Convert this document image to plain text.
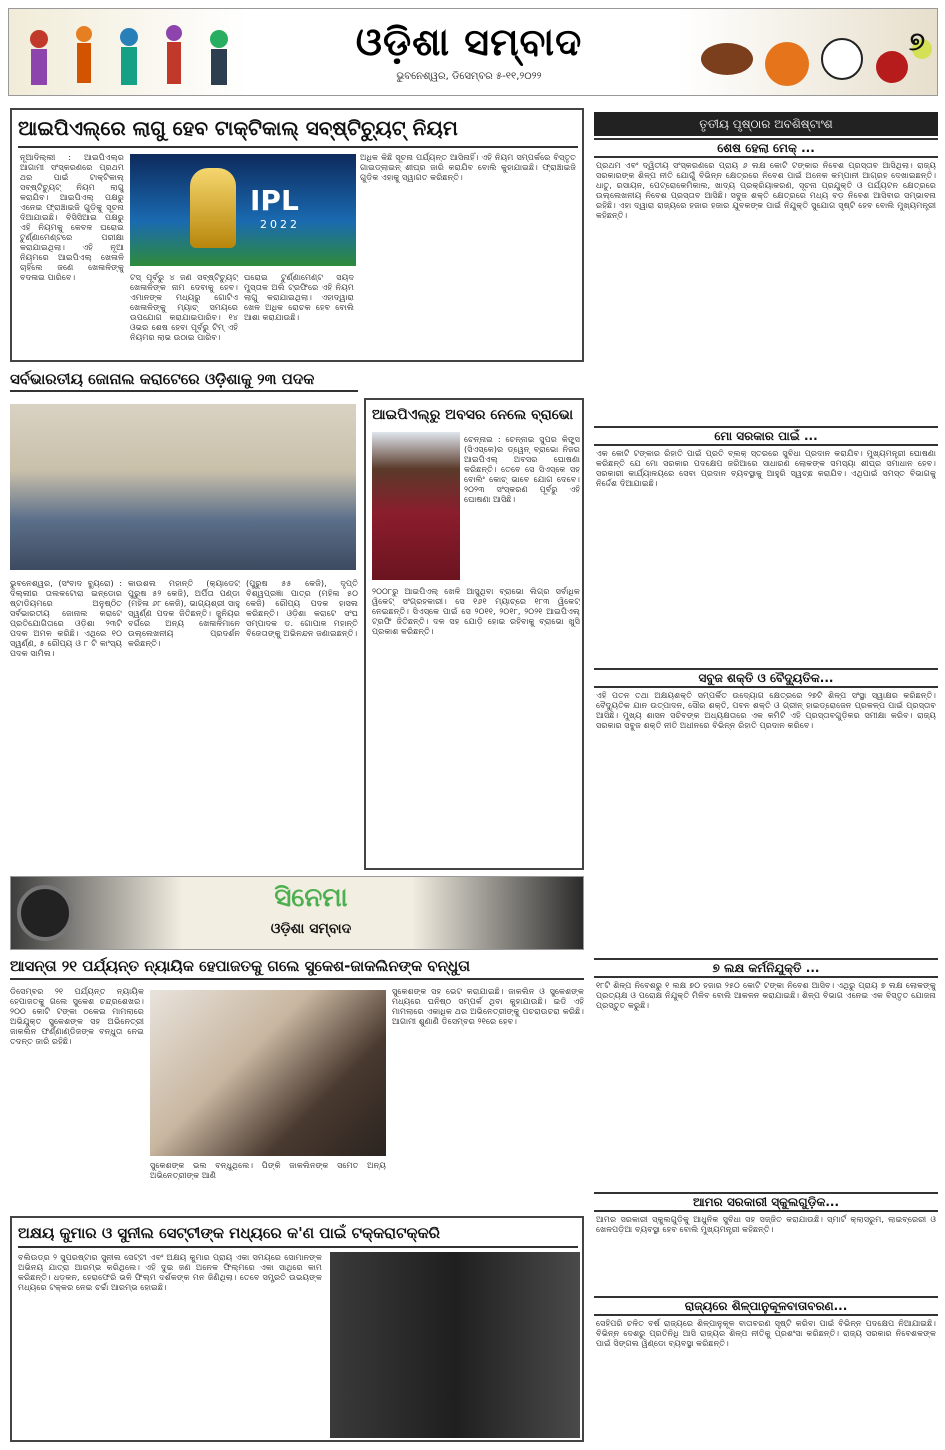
ଓଡ଼ିଶା ସମ୍ବାଦ
ଭୁବନେଶ୍ୱର, ଡିସେମ୍ବର ୫-୧୧,୨୦୨୨
୭
ଆଇପିଏଲ୍‌ରେ ଲାଗୁ ହେବ ଟାକ୍‌ଟିକାଲ୍ ସବ୍‌ଷ୍ଟିଚ୍ୟୁଟ୍ ନିୟମ
ନୂଆଦିଲ୍ଲୀ : ଆଇପିଏଲ୍‌ର ଆଗାମୀ ସଂସ୍କରଣରେ ପ୍ରଥମ ଥର ପାଇଁ ଟାକ୍‌ଟିକାଲ୍ ସବ୍‌ଷ୍ଟିଚ୍ୟୁଟ୍ ନିୟମ ଲାଗୁ କରାଯିବ। ଆଇପିଏଲ୍ ପକ୍ଷରୁ ଏନେଇ ଫ୍ରାଞ୍ଚାଇଜି ଗୁଡ଼ିକୁ ସୂଚନା ଦିଆଯାଇଛି। ବିସିସିଆଇ ପକ୍ଷରୁ ଏହି ନିୟମକୁ କେବଳ ଘରୋଇ ଟୁର୍ଣ୍ଣାମେଣ୍ଟରେ ପରୀକ୍ଷା କରାଯାଇଥିଲା। ଏହି ନୂଆ ନିୟମରେ ଆଇପିଏଲ୍ ଖେଳାଳି ଚାହିଁଲେ ଜଣେ ଖେଳାଳିଙ୍କୁ ବଦଳାଇ ପାରିବେ।
IPL
2022
ଟସ୍ ପୂର୍ବରୁ ୪ ଜଣ ସବ୍‌ଷ୍ଟିଚ୍ୟୁଟ୍ ଖେଳାଳିଙ୍କ ନାମ ଦେବାକୁ ହେବ। ଏମାନଙ୍କ ମଧ୍ୟରୁ ଗୋଟିଏ ଖେଳାଳିଙ୍କୁ ମ୍ୟାଚ୍ ସମୟରେ ଉପଯୋଗ କରାଯାଇପାରିବ। ୧୪ ଓଭର ଶେଷ ହେବା ପୂର୍ବରୁ ଟିମ୍ ଏହି ନିୟମର ଲାଭ ଉଠାଇ ପାରିବ।
ଘରୋଇ ଟୁର୍ଣ୍ଣାମେଣ୍ଟ ସୟଦ ମୁସ୍ତାକ ଅଲି ଟ୍ରଫିରେ ଏହି ନିୟମ ଲାଗୁ କରାଯାଇଥିଲା। ଏହାଦ୍ୱାରା ଖେଳ ଅଧିକ ରୋଚକ ହେବ ବୋଲି ଆଶା କରାଯାଉଛି।
ଅଧିକ କିଛି ସୂଚନା ପର୍ଯ୍ୟନ୍ତ ଆସିନାହିଁ। ଏହି ନିୟମ ସମ୍ପର୍କରେ ବିସ୍ତୃତ ଗାଇଡ୍‌ଲାଇନ୍ ଶୀଘ୍ର ଜାରି କରାଯିବ ବୋଲି କୁହାଯାଇଛି। ଫ୍ରାଞ୍ଚାଇଜି ଗୁଡ଼ିକ ଏହାକୁ ସ୍ୱାଗତ କରିଛନ୍ତି।
ସର୍ବଭାରତୀୟ ଜୋନାଲ କରାଟେରେ ଓଡ଼ିଶାକୁ ୨୩ ପଦକ
ଭୁବନେଶ୍ୱର, (ସଂବାଦ ବ୍ୟୁରୋ) : ଦିଲ୍ଲୀର ତାଲକଟୋରା ଇନ୍‌ଡୋର ଷ୍ଟାଡିୟମରେ ଅନୁଷ୍ଠିତ ସର୍ବଭାରତୀୟ ଜୋନାଲ କରାଟେ ପ୍ରତିଯୋଗିତାରେ ଓଡ଼ିଶା ୨୩ଟି ପଦକ ଅମଳ କରିଛି। ଏଥିରେ ୧୦ ସ୍ୱର୍ଣ୍ଣ, ୫ ରୌପ୍ୟ ଓ ୮ ଟି କାଂସ୍ୟ ପଦକ ସାମିଲ।
କାଉଶଲ ମହାନ୍ତି (କ୍ୟାଡେଟ୍ ପୁରୁଷ ୫୨ କେଜି), ଅର୍ପିତା ପଣ୍ଡା (ମହିଳା ୬୮ କେଜି), ଭାଗ୍ୟଶ୍ରୀ ସାହୁ ସ୍ୱର୍ଣ୍ଣ ପଦକ ଜିତିଛନ୍ତି। ଜୁନିୟର ବର୍ଗରେ ଅନ୍ୟ ଖେଳାଳିମାନେ ଉଲ୍ଲେଖନୀୟ ପ୍ରଦର୍ଶନ କରିଛନ୍ତି।
(ପୁରୁଷ ୫୫ କେଜି), ଦୃପ୍ତି ବିଶ୍ୱପ୍ରଜ୍ଞା ପାତ୍ର (ମହିଳା ୫୦ କେଜି) ରୌପ୍ୟ ପଦକ ହାସଲ କରିଛନ୍ତି। ଓଡ଼ିଶା କରାଟେ ସଂଘ ସମ୍ପାଦକ ଡ. ଗୋପାଳ ମହାନ୍ତି ବିଜେତାଙ୍କୁ ଅଭିନନ୍ଦନ ଜଣାଇଛନ୍ତି।
ଆଇପିଏଲ୍‌ରୁ ଅବସର ନେଲେ ବ୍ରାଭୋ
ଚେନ୍ନାଇ : ଚେନ୍ନାଇ ସୁପର କିଙ୍ଗ୍ସ (ସିଏସ୍‌କେ)ର ଡ୍ୱେନ୍ ବ୍ରାଭୋ ନିଜର ଆଇପିଏଲ୍ ଅବସର ଘୋଷଣା କରିଛନ୍ତି। ତେବେ ସେ ସିଏସ୍‌କେ ସହ ବୋଲିଂ କୋଚ୍ ଭାବେ ଯୋଗ ଦେବେ। ୨୦୨୩ ସଂସ୍କରଣ ପୂର୍ବରୁ ଏହି ଘୋଷଣା ଆସିଛି।
୨୦୦୮ରୁ ଆଇପିଏଲ୍ ଖେଳି ଆସୁଥିବା ବ୍ରାଭୋ ଲିଗ୍‌ର ସର୍ବାଧିକ ୱିକେଟ୍ ସଂଗ୍ରହକାରୀ। ସେ ୧୬୧ ମ୍ୟାଚ୍‌ରେ ୧୮୩ ୱିକେଟ୍ ନେଇଛନ୍ତି। ସିଏସ୍‌କେ ପାଇଁ ସେ ୨୦୧୧, ୨୦୧୮, ୨୦୨୧ ଆଇପିଏଲ୍ ଟ୍ରଫି ଜିତିଛନ୍ତି। ଦଳ ସହ ଯୋଡ଼ି ହୋଇ ରହିବାକୁ ବ୍ରାଭୋ ଖୁସି ପ୍ରକାଶ କରିଛନ୍ତି।
ସିନେମା
ଓଡ଼ିଶା ସମ୍ବାଦ
ଆସନ୍ତା ୨୧ ପର୍ଯ୍ୟନ୍ତ ନ୍ୟାୟିକ ହେପାଜତକୁ ଗଲେ ସୁକେଶ-ଜାକଲିନଙ୍କ ବନ୍ଧୁତା
ଡିସେମ୍ବର ୨୧ ପର୍ଯ୍ୟନ୍ତ ନ୍ୟାୟିକ ହେପାଜତକୁ ଗଲେ ସୁକେଶ ଚନ୍ଦ୍ରଶେଖର। ୨୦୦ କୋଟି ଟଙ୍କା ଠକେଇ ମାମଲାରେ ଅଭିଯୁକ୍ତ ସୁକେଶଙ୍କ ସହ ଅଭିନେତ୍ରୀ ଜାକଲିନ ଫର୍ଣ୍ଣାଣ୍ଡିଜଙ୍କ ବନ୍ଧୁତା ନେଇ ତଦନ୍ତ ଜାରି ରହିଛି।
ସୁକେଶଙ୍କ ସହ ଭେଟ କରାଯାଇଛି। ଜାକଲିନ ଓ ସୁକେଶଙ୍କ ମଧ୍ୟରେ ଘନିଷ୍ଠ ସମ୍ପର୍କ ଥିବା କୁହାଯାଉଛି। ଇଡି ଏହି ମାମଲାରେ ଏକାଧିକ ଥର ଅଭିନେତ୍ରୀଙ୍କୁ ପଚରାଉଚରା କରିଛି। ଆଗାମୀ ଶୁଣାଣି ଡିସେମ୍ବର ୨୧ରେ ହେବ।
ସୁକେଶଙ୍କ ଭଲ ବନ୍ଧୁଥିଲେ। ପିଙ୍କି ଜାକଲିନଙ୍କ ସମେତ ଅନ୍ୟ ଅଭିନେତ୍ରୀଙ୍କ ଆଣି
ଅକ୍ଷୟ କୁମାର ଓ ସୁନୀଲ ସେଟ୍ଟୀଙ୍କ ମଧ୍ୟରେ କ'ଣ ପାଇଁ ଟକ୍କରାଟକ୍କରି
ବଲିଉଡ୍‌ର ୨ ସୁପରଷ୍ଟାର ସୁନୀଲ ସେଟ୍ଟୀ ଏବଂ ଅକ୍ଷୟ କୁମାର ପ୍ରାୟ ଏକା ସମୟରେ ସୋମାନଙ୍କ ଅଭିନୟ ଯାତ୍ରା ଆରମ୍ଭ କରିଥିଲେ। ଏହି ଦୁଇ ଜଣ ଅନେକ ଫିଲ୍ମରେ ଏକା ସାଥିରେ କାମ କରିଛନ୍ତି। ଧଡ଼କନ, ହେରାଫେରି ଭଳି ଫିଲ୍ମ ଦର୍ଶକଙ୍କ ମନ ଜିଣିଥିଲା। ତେବେ ସମ୍ପ୍ରତି ଉଭୟଙ୍କ ମଧ୍ୟରେ ଟକ୍କର ନେଇ ଚର୍ଚ୍ଚା ଆରମ୍ଭ ହୋଇଛି।
ତୃତୀୟ ପୃଷ୍ଠାର ଅବଶିଷ୍ଟାଂଶ
ଶେଷ ହେଲା ମେକ୍ ...
ପ୍ରଥମ ଏବଂ ଦ୍ୱିତୀୟ ସଂସ୍କରଣରେ ପ୍ରାୟ ୬ ଲକ୍ଷ କୋଟି ଟଙ୍କାର ନିବେଶ ପ୍ରସ୍ତାବ ଆସିଥିଲା। ରାଜ୍ୟ ସରକାରଙ୍କ ଶିଳ୍ପ ନୀତି ଯୋଗୁଁ ବିଭିନ୍ନ କ୍ଷେତ୍ରରେ ନିବେଶ ପାଇଁ ଅନେକ କମ୍ପାନୀ ଆଗ୍ରହ ଦେଖାଇଛନ୍ତି। ଧାତୁ, ରସାୟନ, ପେଟ୍ରୋକେମିକାଲ, ଖାଦ୍ୟ ପ୍ରକ୍ରିୟାକରଣ, ସୂଚନା ପ୍ରଯୁକ୍ତି ଓ ପର୍ଯ୍ୟଟନ କ୍ଷେତ୍ରରେ ଉଲ୍ଲେଖନୀୟ ନିବେଶ ପ୍ରସ୍ତାବ ଆସିଛି। ସବୁଜ ଶକ୍ତି କ୍ଷେତ୍ରରେ ମଧ୍ୟ ବଡ଼ ନିବେଶ ଆସିବାର ସମ୍ଭାବନା ରହିଛି। ଏହା ଦ୍ୱାରା ରାଜ୍ୟରେ ହଜାର ହଜାର ଯୁବକଙ୍କ ପାଇଁ ନିଯୁକ୍ତି ସୁଯୋଗ ସୃଷ୍ଟି ହେବ ବୋଲି ମୁଖ୍ୟମନ୍ତ୍ରୀ କହିଛନ୍ତି।
ମୋ ସରକାର ପାଇଁ ...
ଏକ କୋଟି ଟଙ୍କାର ରିହାତି ପାଇଁ ପ୍ରତି ବ୍ଲକ୍ ସ୍ତରରେ ସୁବିଧା ପ୍ରଦାନ କରାଯିବ। ମୁଖ୍ୟମନ୍ତ୍ରୀ ଘୋଷଣା କରିଛନ୍ତି ଯେ ମୋ ସରକାର ପଦକ୍ଷେପ ଜରିଆରେ ସାଧାରଣ ଲୋକଙ୍କ ସମସ୍ୟା ଶୀଘ୍ର ସମାଧାନ ହେବ। ସରକାରୀ କାର୍ଯ୍ୟାଳୟରେ ସେବା ପ୍ରଦାନ ବ୍ୟବସ୍ଥାକୁ ଆହୁରି ସ୍ୱଚ୍ଛ କରାଯିବ। ଏଥିପାଇଁ ସମସ୍ତ ବିଭାଗକୁ ନିର୍ଦ୍ଦେଶ ଦିଆଯାଇଛି।
ସବୁଜ ଶକ୍ତି ଓ ବୈଦ୍ୟୁତିକ...
ଏହି ପତନ ତଥା ଅକ୍ଷୟଶକ୍ତି ସମ୍ପର୍କିତ ଉଦ୍ୟୋଗ କ୍ଷେତ୍ରରେ ୨୭ଟି ଶିଳ୍ପ ସଂସ୍ଥା ସ୍ୱାକ୍ଷର କରିଛନ୍ତି। ବୈଦ୍ୟୁତିକ ଯାନ ଉତ୍ପାଦନ, ସୌର ଶକ୍ତି, ପବନ ଶକ୍ତି ଓ ଗ୍ରୀନ୍ ହାଇଡ୍ରୋଜେନ ପ୍ରକଳ୍ପ ପାଇଁ ପ୍ରସ୍ତାବ ଆସିଛି। ମୁଖ୍ୟ ଶାସନ ସଚିବଙ୍କ ଅଧ୍ୟକ୍ଷତାରେ ଏକ କମିଟି ଏହି ପ୍ରସ୍ତାବଗୁଡ଼ିକର ସମୀକ୍ଷା କରିବ। ରାଜ୍ୟ ସରକାର ସବୁଜ ଶକ୍ତି ନୀତି ଅଧୀନରେ ବିଭିନ୍ନ ରିହାତି ପ୍ରଦାନ କରିବେ।
୭ ଲକ୍ଷ କର୍ମନିଯୁକ୍ତି ...
୧୮ଟି ଶିଳ୍ପ ନିବେଶରୁ ୧ ଲକ୍ଷ ୭୦ ହଜାର ୨୫୦ କୋଟି ଟଙ୍କା ନିବେଶ ଆସିବ। ଏଥିରୁ ପ୍ରାୟ ୭ ଲକ୍ଷ ଲୋକଙ୍କୁ ପ୍ରତ୍ୟକ୍ଷ ଓ ପରୋକ୍ଷ ନିଯୁକ୍ତି ମିଳିବ ବୋଲି ଆକଳନ କରାଯାଇଛି। ଶିଳ୍ପ ବିଭାଗ ଏନେଇ ଏକ ବିସ୍ତୃତ ଯୋଜନା ପ୍ରସ୍ତୁତ କରୁଛି।
ଆମର ସରକାରୀ ସ୍କୁଲଗୁଡ଼ିକ...
ଆମର ସରକାରୀ ସ୍କୁଲଗୁଡ଼ିକୁ ଆଧୁନିକ ସୁବିଧା ସହ ସଜ୍ଜିତ କରାଯାଉଛି। ସ୍ମାର୍ଟ କ୍ଲାସରୁମ, ଲାଇବ୍ରେରୀ ଓ ଖେଳପଡ଼ିଆ ବ୍ୟବସ୍ଥା ହେବ ବୋଲି ମୁଖ୍ୟମନ୍ତ୍ରୀ କହିଛନ୍ତି।
ରାଜ୍ୟରେ ଶିଳ୍ପାନୁକୂଳବାତାବରଣ...
ସେହିପରି ଚଳିତ ବର୍ଷ ରାଜ୍ୟରେ ଶିଳ୍ପାନୁକୂଳ ବାତାବରଣ ସୃଷ୍ଟି କରିବା ପାଇଁ ବିଭିନ୍ନ ପଦକ୍ଷେପ ନିଆଯାଇଛି। ବିଭିନ୍ନ ଦେଶରୁ ପ୍ରତିନିଧି ଆସି ରାଜ୍ୟର ଶିଳ୍ପ ନୀତିକୁ ପ୍ରଶଂସା କରିଛନ୍ତି। ରାଜ୍ୟ ସରକାର ନିବେଶକଙ୍କ ପାଇଁ ସିଙ୍ଗଲ ୱିଣ୍ଡୋ ବ୍ୟବସ୍ଥା କରିଛନ୍ତି।
